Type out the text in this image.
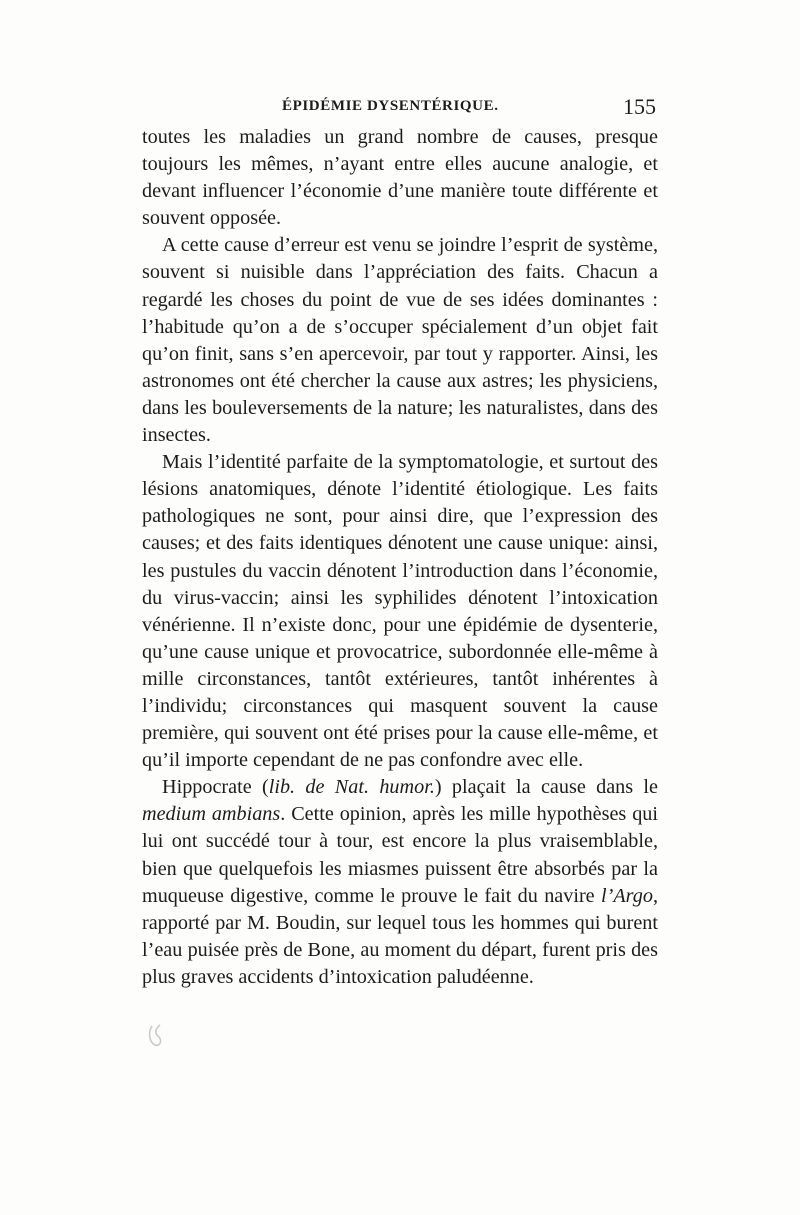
ÉPIDÉMIE DYSENTÉRIQUE.	155

toutes les maladies un grand nombre de causes, presque toujours les mêmes, n’ayant entre elles aucune analogie, et devant influencer l’économie d’une manière toute différente et souvent opposée.

A cette cause d’erreur est venu se joindre l’esprit de système, souvent si nuisible dans l’appréciation des faits. Chacun a regardé les choses du point de vue de ses idées dominantes : l’habitude qu’on a de s’occuper spécialement d’un objet fait qu’on finit, sans s’en apercevoir, par tout y rapporter. Ainsi, les astronomes ont été chercher la cause aux astres; les physiciens, dans les bouleversements de la nature; les naturalistes, dans des insectes.

Mais l’identité parfaite de la symptomatologie, et surtout des lésions anatomiques, dénote l’identité étiologique. Les faits pathologiques ne sont, pour ainsi dire, que l’expression des causes; et des faits identiques dénotent une cause unique: ainsi, les pustules du vaccin dénotent l’introduction dans l’économie, du virus-vaccin; ainsi les syphilides dénotent l’intoxication vénérienne. Il n’existe donc, pour une épidémie de dysenterie, qu’une cause unique et provocatrice, subordonnée elle-même à mille circonstances, tantôt extérieures, tantôt inhérentes à l’individu; circonstances qui masquent souvent la cause première, qui souvent ont été prises pour la cause elle-même, et qu’il importe cependant de ne pas confondre avec elle.

Hippocrate (lib. de Nat. humor.) plaçait la cause dans le medium ambians. Cette opinion, après les mille hypothèses qui lui ont succédé tour à tour, est encore la plus vraisemblable, bien que quelquefois les miasmes puissent être absorbés par la muqueuse digestive, comme le prouve le fait du navire l’Argo, rapporté par M. Boudin, sur lequel tous les hommes qui burent l’eau puisée près de Bone, au moment du départ, furent pris des plus graves accidents d’intoxication paludéenne.
